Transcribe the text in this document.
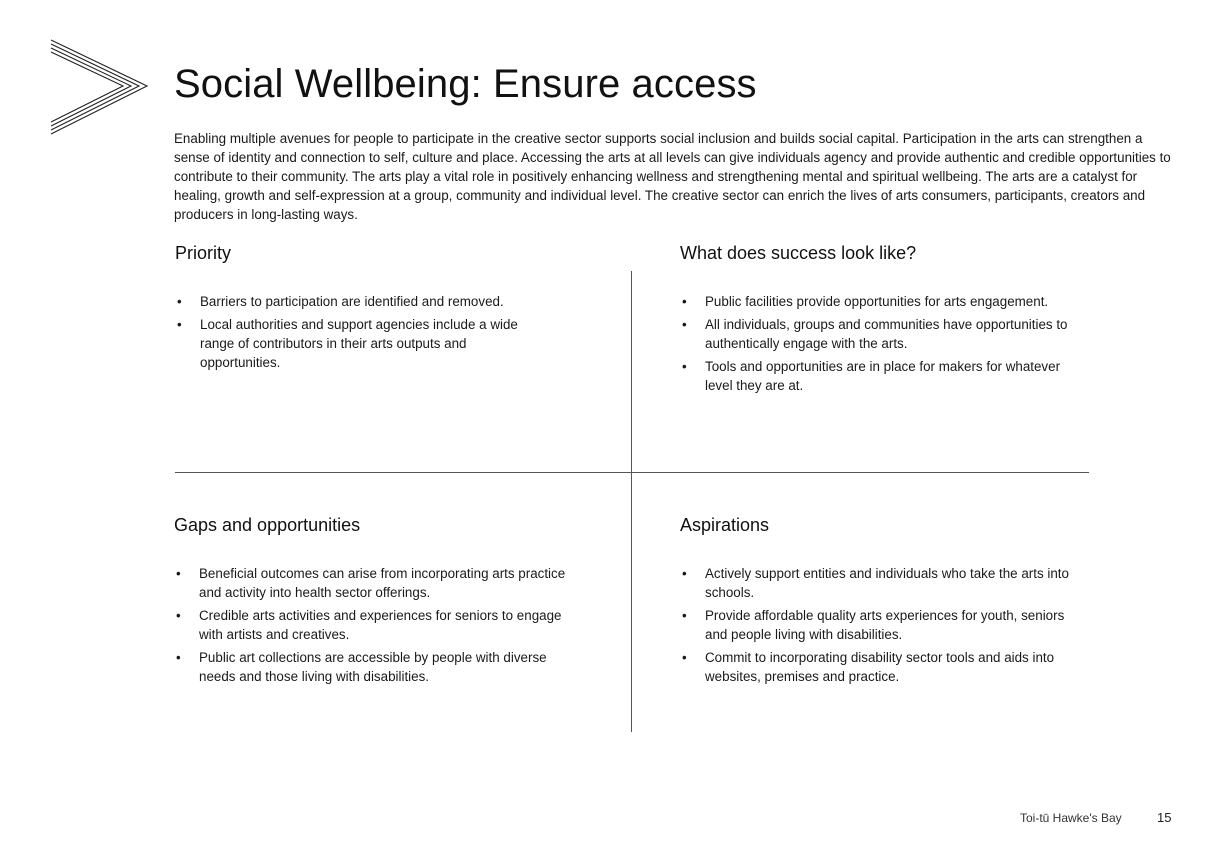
Social Wellbeing: Ensure access

Enabling multiple avenues for people to participate in the creative sector supports social inclusion and builds social capital. Participation in the arts can strengthen a sense of identity and connection to self, culture and place. Accessing the arts at all levels can give individuals agency and provide authentic and credible opportunities to contribute to their community. The arts play a vital role in positively enhancing wellness and strengthening mental and spiritual wellbeing. The arts are a catalyst for healing, growth and self-expression at a group, community and individual level. The creative sector can enrich the lives of arts consumers, participants, creators and producers in long-lasting ways.

Priority
• Barriers to participation are identified and removed.
• Local authorities and support agencies include a wide range of contributors in their arts outputs and opportunities.
What does success look like?
• Public facilities provide opportunities for arts engagement.
• All individuals, groups and communities have opportunities to authentically engage with the arts.
• Tools and opportunities are in place for makers for whatever level they are at.
Gaps and opportunities
• Beneficial outcomes can arise from incorporating arts practice and activity into health sector offerings.
• Credible arts activities and experiences for seniors to engage with artists and creatives.
• Public art collections are accessible by people with diverse needs and those living with disabilities.
Aspirations
• Actively support entities and individuals who take the arts into schools.
• Provide affordable quality arts experiences for youth, seniors and people living with disabilities.
• Commit to incorporating disability sector tools and aids into websites, premises and practice.
Toi-tū Hawke's Bay	15
